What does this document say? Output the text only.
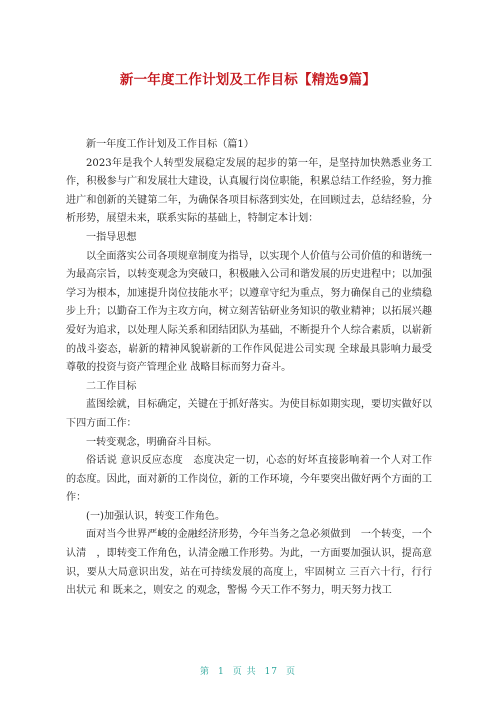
新一年度工作计划及工作目标【精选9篇】

新一年度工作计划及工作目标（篇1）

2023年是我个人转型发展稳定发展的起步的第一年，是坚持加快熟悉业务工作，积极参与广和发展壮大建设，认真履行岗位职能，积累总结工作经验，努力推进广和创新的关键第二年，为确保各项目标落到实处，在回顾过去，总结经验，分析形势，展望未来，联系实际的基础上，特制定本计划：

一指导思想

以全面落实公司各项规章制度为指导，以实现个人价值与公司价值的和谐统一为最高宗旨，以转变观念为突破口，积极融入公司和谐发展的历史进程中；以加强学习为根本，加速提升岗位技能水平；以遵章守纪为重点，努力确保自己的业绩稳步上升；以勤奋工作为主攻方向，树立刻苦钻研业务知识的敬业精神；以拓展兴趣爱好为追求，以处理人际关系和团结团队为基础，不断提升个人综合素质，以崭新的战斗姿态，崭新的精神风貌崭新的工作作风促进公司实现 全球最具影响力最受尊敬的投资与资产管理企业 战略目标而努力奋斗。

二工作目标

蓝图绘就，目标确定，关键在于抓好落实。为使目标如期实现，要切实做好以下四方面工作：

一转变观念，明确奋斗目标。

俗话说 意识反应态度　态度决定一切，心态的好坏直接影响着一个人对工作的态度。因此，面对新的工作岗位，新的工作环境，今年要突出做好两个方面的工作：

(一)加强认识，转变工作角色。

面对当今世界严峻的金融经济形势，今年当务之急必须做到　一个转变，一个认清　，即转变工作角色，认清金融工作形势。为此，一方面要加强认识，提高意识，要从大局意识出发，站在可持续发展的高度上，牢固树立 三百六十行，行行出状元 和 既来之，则安之 的观念，警惕 今天工作不努力，明天努力找工

第 1 页 共 17 页
